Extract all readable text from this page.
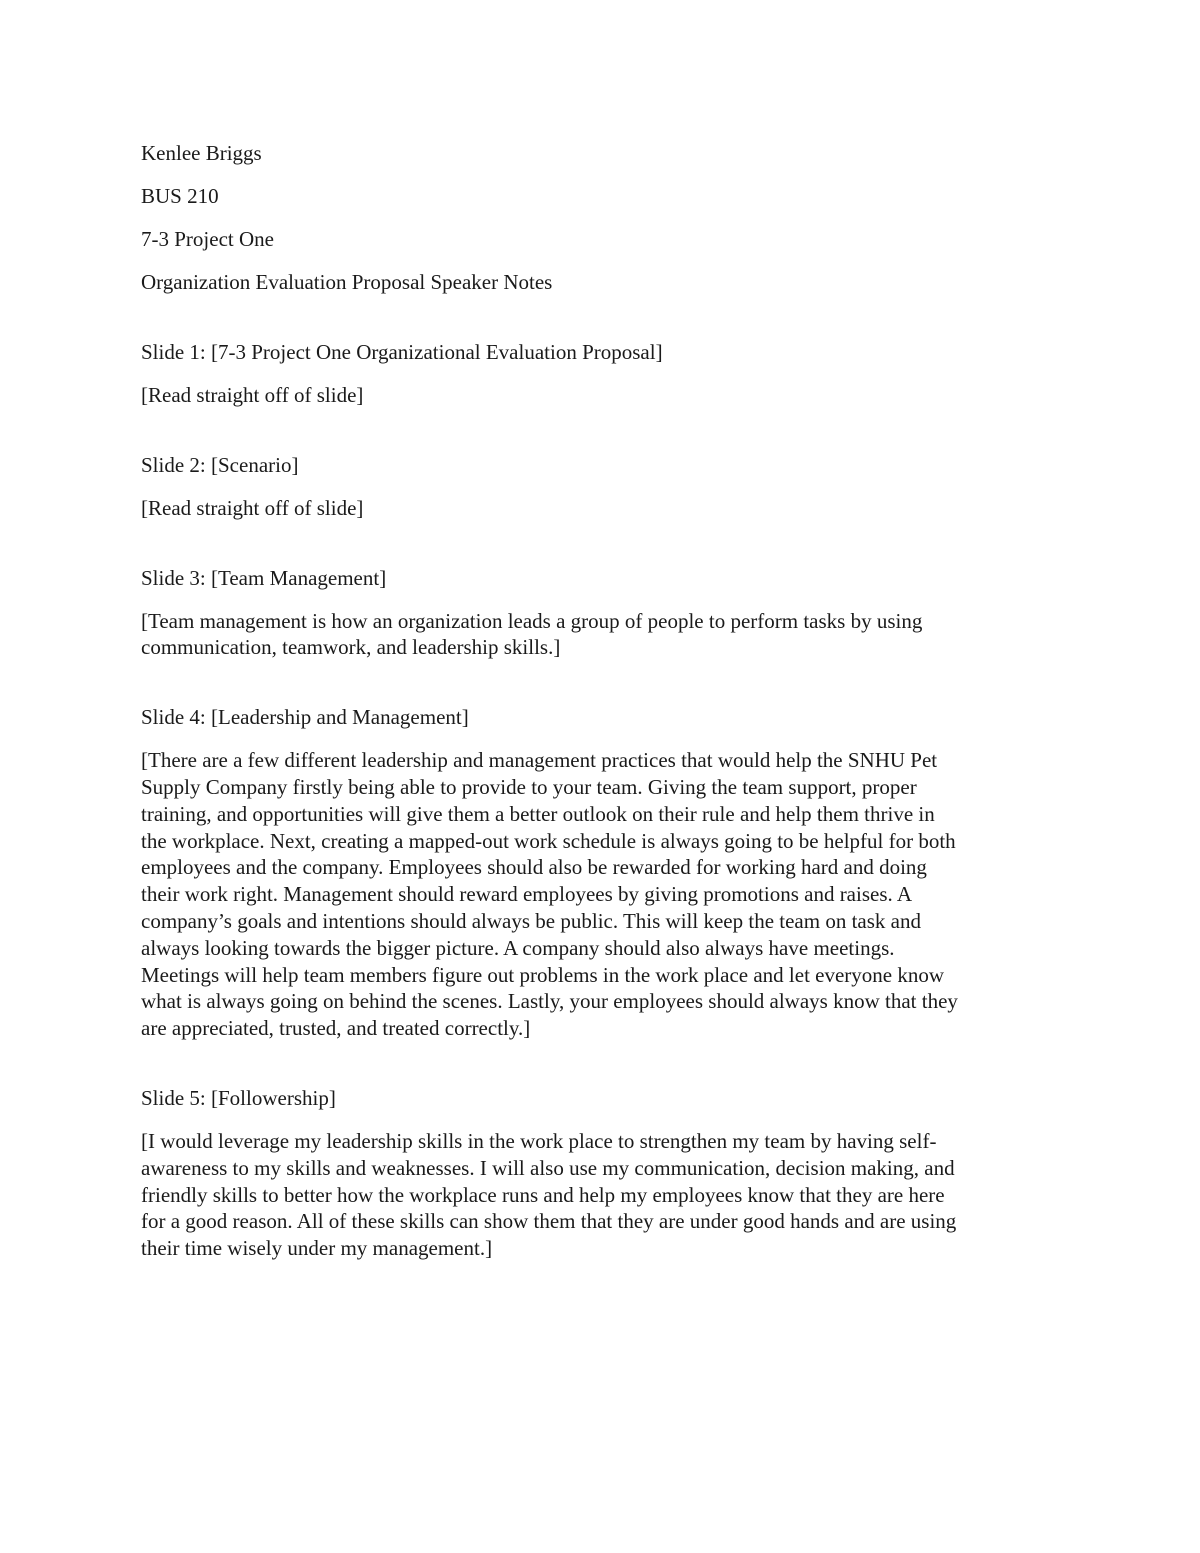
Kenlee Briggs

BUS 210

7-3 Project One

Organization Evaluation Proposal Speaker Notes

Slide 1: [7-3 Project One Organizational Evaluation Proposal]

[Read straight off of slide]

Slide 2: [Scenario]

[Read straight off of slide]

Slide 3: [Team Management]

[Team management is how an organization leads a group of people to perform tasks by using
communication, teamwork, and leadership skills.]

Slide 4: [Leadership and Management]

[There are a few different leadership and management practices that would help the SNHU Pet
Supply Company firstly being able to provide to your team. Giving the team support, proper
training, and opportunities will give them a better outlook on their rule and help them thrive in
the workplace. Next, creating a mapped-out work schedule is always going to be helpful for both
employees and the company. Employees should also be rewarded for working hard and doing
their work right. Management should reward employees by giving promotions and raises. A
company’s goals and intentions should always be public. This will keep the team on task and
always looking towards the bigger picture. A company should also always have meetings.
Meetings will help team members figure out problems in the work place and let everyone know
what is always going on behind the scenes. Lastly, your employees should always know that they
are appreciated, trusted, and treated correctly.]

Slide 5: [Followership]

[I would leverage my leadership skills in the work place to strengthen my team by having self-
awareness to my skills and weaknesses. I will also use my communication, decision making, and
friendly skills to better how the workplace runs and help my employees know that they are here
for a good reason. All of these skills can show them that they are under good hands and are using
their time wisely under my management.]
